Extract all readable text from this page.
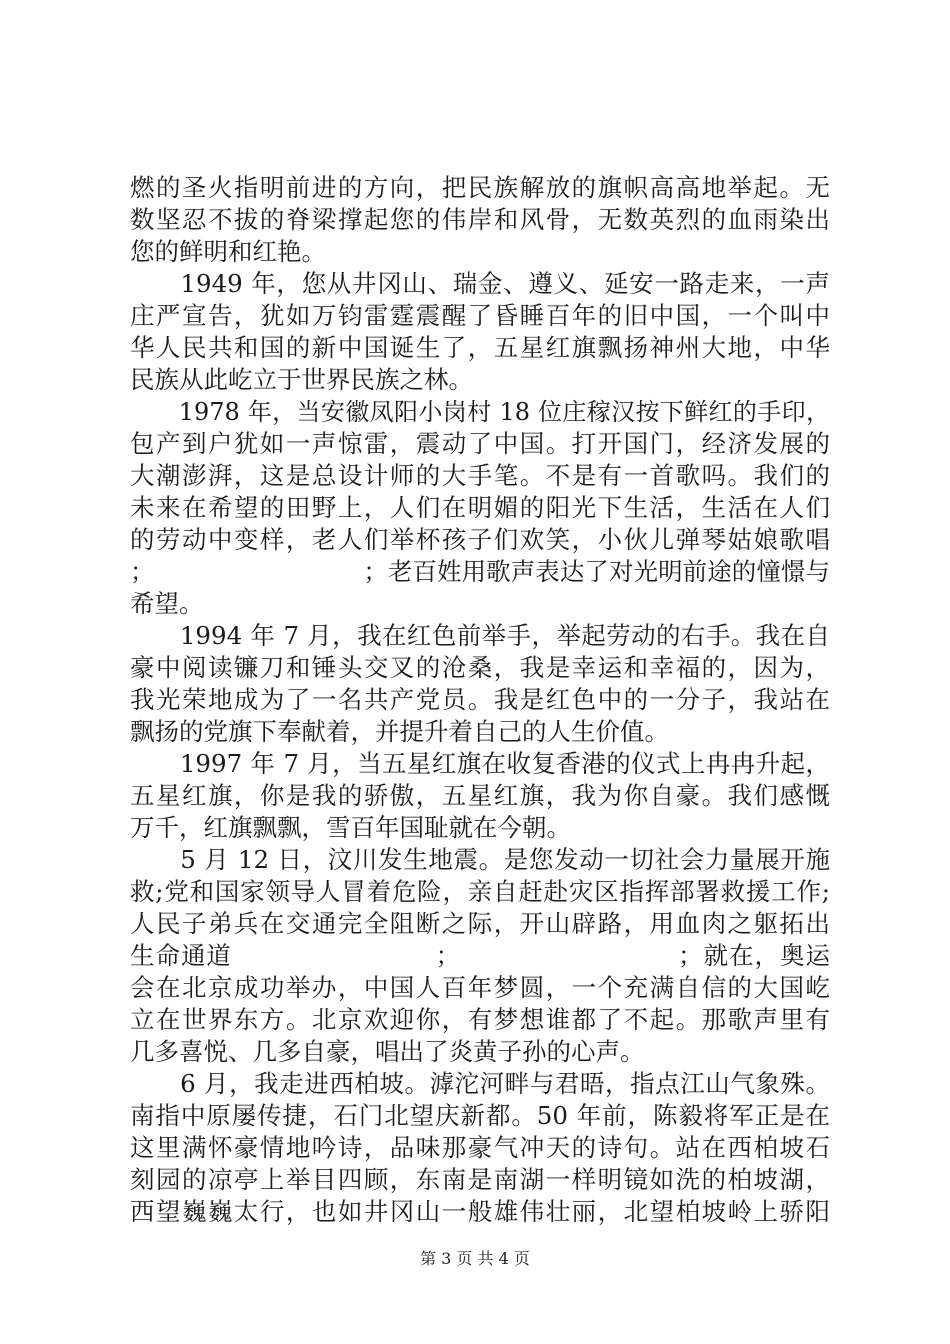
燃的圣火指明前进的方向，把民族解放的旗帜高高地举起。无
数坚忍不拔的脊梁撑起您的伟岸和风骨，无数英烈的血雨染出
您的鲜明和红艳。
　　1949 年，您从井冈山、瑞金、遵义、延安一路走来，一声
庄严宣告，犹如万钧雷霆震醒了昏睡百年的旧中国，一个叫中
华人民共和国的新中国诞生了，五星红旗飘扬神州大地，中华
民族从此屹立于世界民族之林。
　　1978 年，当安徽凤阳小岗村 18 位庄稼汉按下鲜红的手印，
包产到户犹如一声惊雷，震动了中国。打开国门，经济发展的
大潮澎湃，这是总设计师的大手笔。不是有一首歌吗。我们的
未来在希望的田野上，人们在明媚的阳光下生活，生活在人们
的劳动中变样，老人们举杯孩子们欢笑，小伙儿弹琴姑娘歌唱
；　　　　　　　　　；老百姓用歌声表达了对光明前途的憧憬与
希望。
　　1994 年 7 月，我在红色前举手，举起劳动的右手。我在自
豪中阅读镰刀和锤头交叉的沧桑，我是幸运和幸福的，因为，
我光荣地成为了一名共产党员。我是红色中的一分子，我站在
飘扬的党旗下奉献着，并提升着自己的人生价值。
　　1997 年 7 月，当五星红旗在收复香港的仪式上冉冉升起，
五星红旗，你是我的骄傲，五星红旗，我为你自豪。我们感慨
万千，红旗飘飘，雪百年国耻就在今朝。
　　5 月 12 日，汶川发生地震。是您发动一切社会力量展开施
救;党和国家领导人冒着危险，亲自赶赴灾区指挥部署救援工作;
人民子弟兵在交通完全阻断之际，开山辟路，用血肉之躯拓出
生命通道　　　　　　　　；　　　　　　　　　；就在，奥运
会在北京成功举办，中国人百年梦圆，一个充满自信的大国屹
立在世界东方。北京欢迎你，有梦想谁都了不起。那歌声里有
几多喜悦、几多自豪，唱出了炎黄子孙的心声。
　　6 月，我走进西柏坡。滹沱河畔与君晤，指点江山气象殊。
南指中原屡传捷，石门北望庆新都。50 年前，陈毅将军正是在
这里满怀豪情地吟诗，品味那豪气冲天的诗句。站在西柏坡石
刻园的凉亭上举目四顾，东南是南湖一样明镜如洗的柏坡湖，
西望巍巍太行，也如井冈山一般雄伟壮丽，北望柏坡岭上骄阳
第 3 页 共 4 页
